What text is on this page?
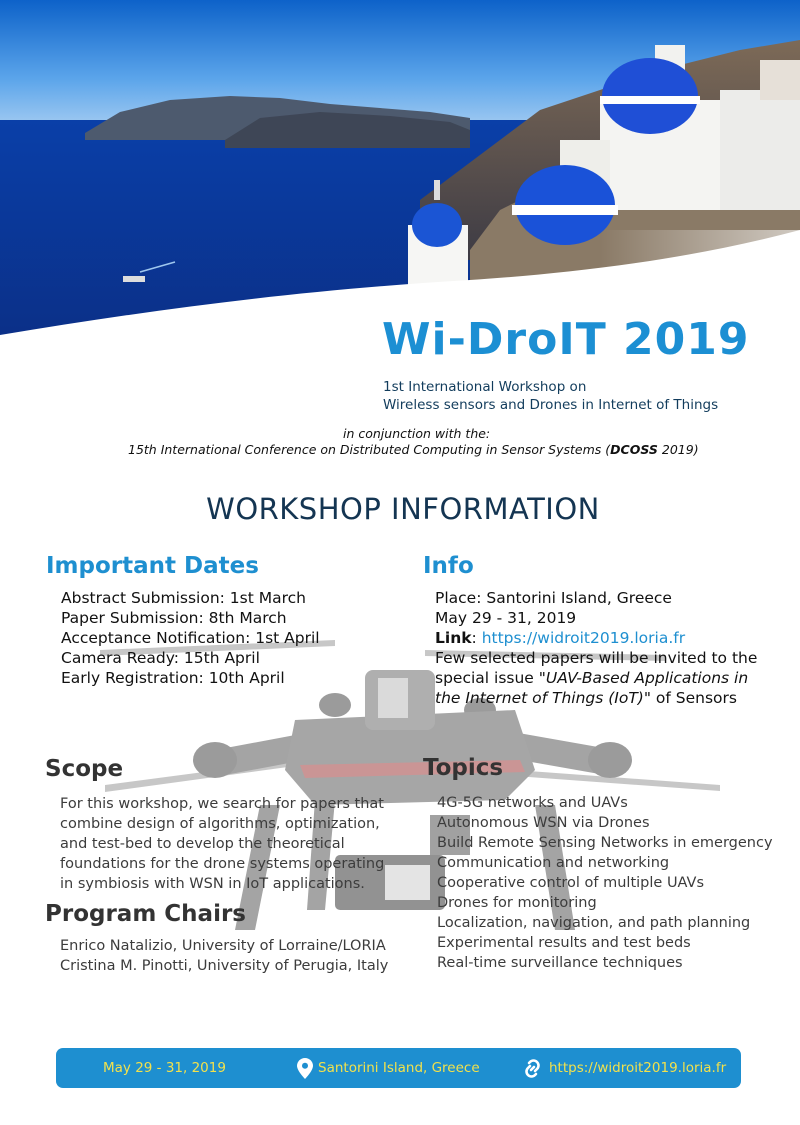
Wi-DroIT 2019
1st International Workshop on
Wireless sensors and Drones in Internet of Things
in conjunction with the:
15th International Conference on Distributed Computing in Sensor Systems (DCOSS 2019)
WORKSHOP INFORMATION
Important Dates
Abstract Submission: 1st March
Paper Submission: 8th March
Acceptance Notification: 1st April
Camera Ready: 15th April
Early Registration: 10th April
Info
Place: Santorini Island, Greece
May 29 - 31, 2019
Link: https://widroit2019.loria.fr
Few selected papers will be invited to the
special issue "UAV-Based Applications in
the Internet of Things (IoT)" of Sensors
Scope
For this workshop, we search for papers that
combine design of algorithms, optimization,
and test-bed to develop the theoretical
foundations for the drone systems operating
in symbiosis with WSN in IoT applications.
Program Chairs
Enrico Natalizio, University of Lorraine/LORIA
Cristina M. Pinotti, University of Perugia, Italy
Topics
4G-5G networks and UAVs
Autonomous WSN via Drones
Build Remote Sensing Networks in emergency
Communication and networking
Cooperative control of multiple UAVs
Drones for monitoring
Localization, navigation, and path planning
Experimental results and test beds
Real-time surveillance techniques
May 29 - 31, 2019	Santorini Island, Greece	https://widroit2019.loria.fr
